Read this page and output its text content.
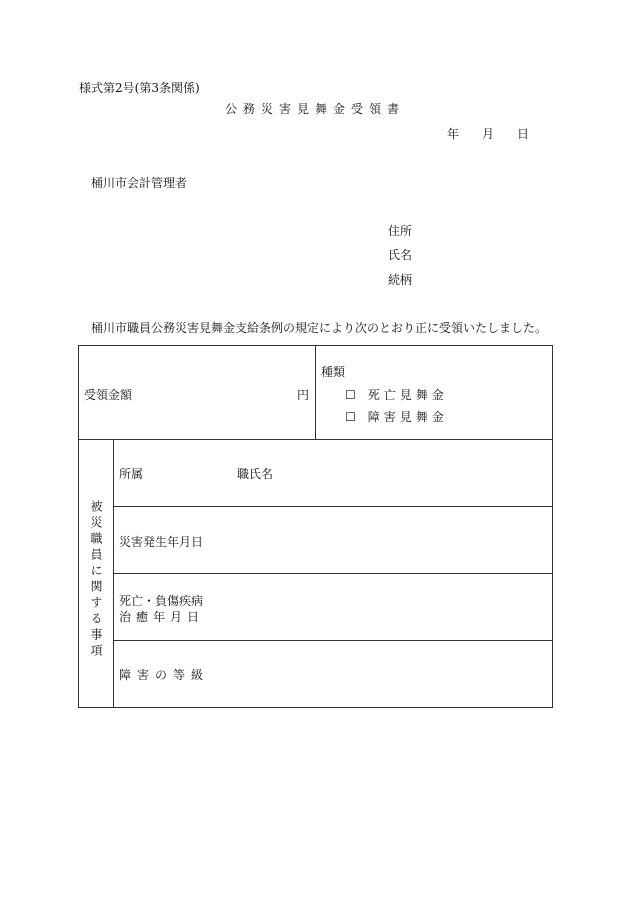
様式第2号(第3条関係)
公務災害見舞金受領書
年 月 日
桶川市会計管理者
住所
氏名
続柄
桶川市職員公務災害見舞金支給条例の規定により次のとおり正に受領いたしました。
受領金額	円
種類
☐ 死亡見舞金
☐ 障害見舞金
被災職員に関する事項
所属	職氏名
災害発生年月日
死亡・負傷疾病
治癒年月日
障害の等級
